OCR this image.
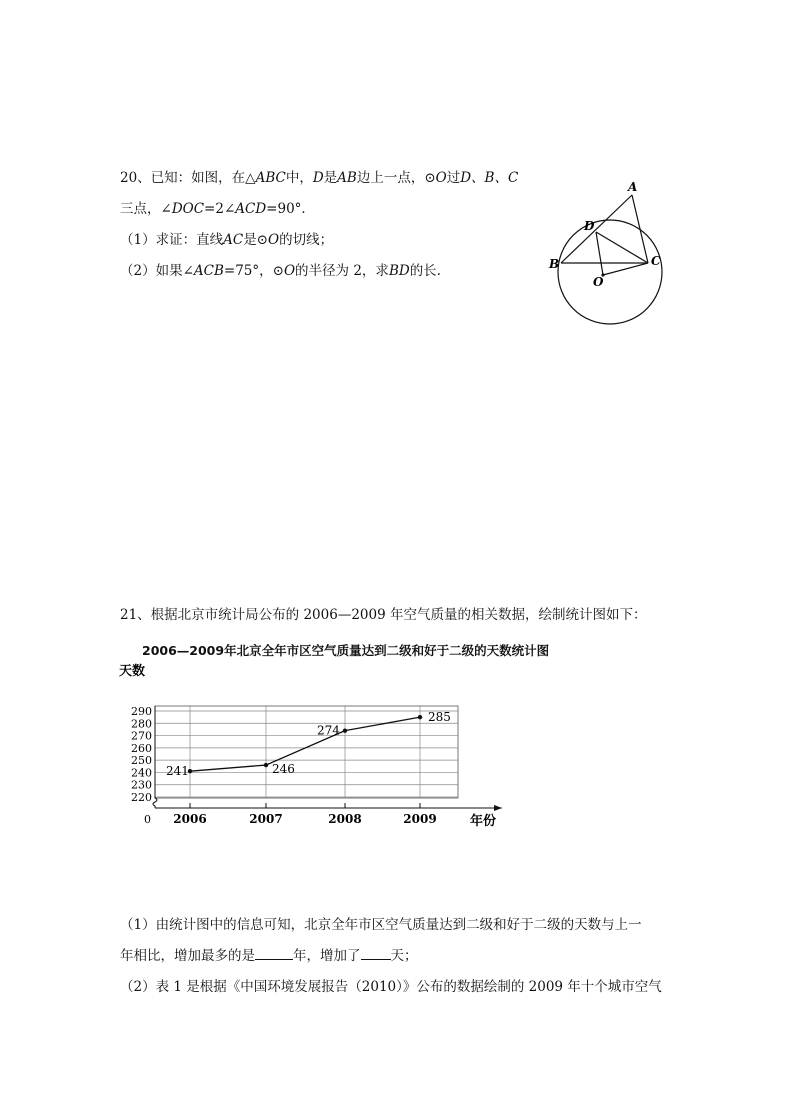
20、已知：如图，在△ABC中，D是AB边上一点，⊙O过D、B、C
三点，∠DOC=2∠ACD=90°．
（1）求证：直线AC是⊙O的切线；
（2）如果∠ACB=75°，⊙O的半径为 2，求BD的长.
A
D
B	C
O
21、根据北京市统计局公布的 2006—2009 年空气质量的相关数据，绘制统计图如下：
2006—2009年北京全年市区空气质量达到二级和好于二级的天数统计图
天数
年份
0
220
230
240
250
260
270
280
290
2006	2007	2008	2009
241	246
274
285
（1）由统计图中的信息可知，北京全年市区空气质量达到二级和好于二级的天数与上一
年相比，增加最多的是	年，增加了 天；
（2）表 1 是根据《中国环境发展报告（2010）》公布的数据绘制的 2009 年十个城市空气
